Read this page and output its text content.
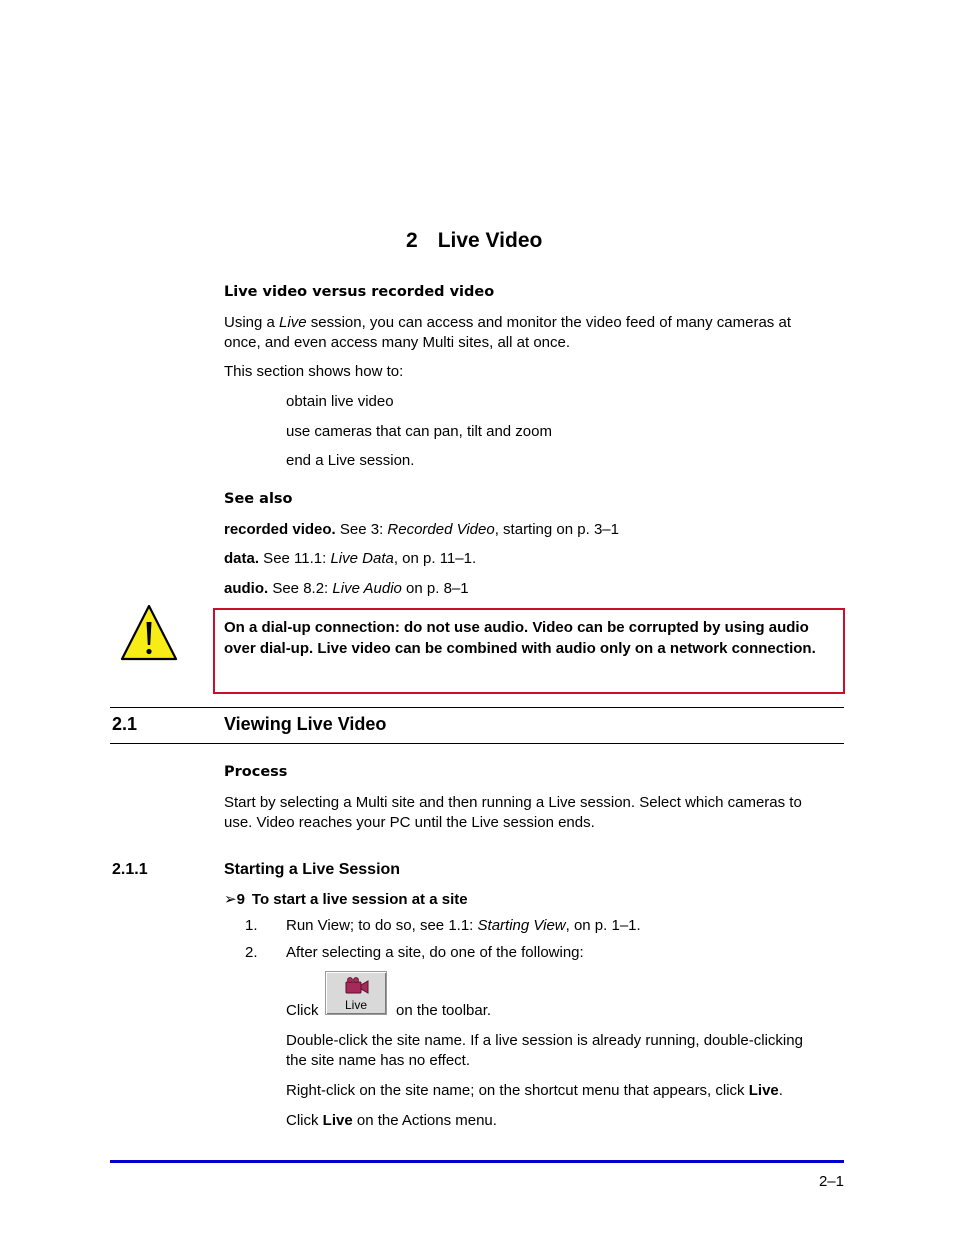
2 Live Video
Live video versus recorded video
Using a Live session, you can access and monitor the video feed of many cameras at
once, and even access many Multi sites, all at once.
This section shows how to:
obtain live video
use cameras that can pan, tilt and zoom
end a Live session.
See also
recorded video. See 3: Recorded Video, starting on p. 3–1
data. See 11.1: Live Data, on p. 11–1.
audio. See 8.2: Live Audio on p. 8–1
On a dial-up connection: do not use audio. Video can be corrupted by using audio over dial-up. Live video can be combined with audio only on a network connection.
2.1	Viewing Live Video
Process
Start by selecting a Multi site and then running a Live session. Select which cameras to
use. Video reaches your PC until the Live session ends.
2.1.1	Starting a Live Session
➢9 To start a live session at a site
1. Run View; to do so, see 1.1: Starting View, on p. 1–1.
2. After selecting a site, do one of the following:
Click	Live	on the toolbar.
Double-click the site name. If a live session is already running, double-clicking
the site name has no effect.
Right-click on the site name; on the shortcut menu that appears, click Live.
Click Live on the Actions menu.
2–1
